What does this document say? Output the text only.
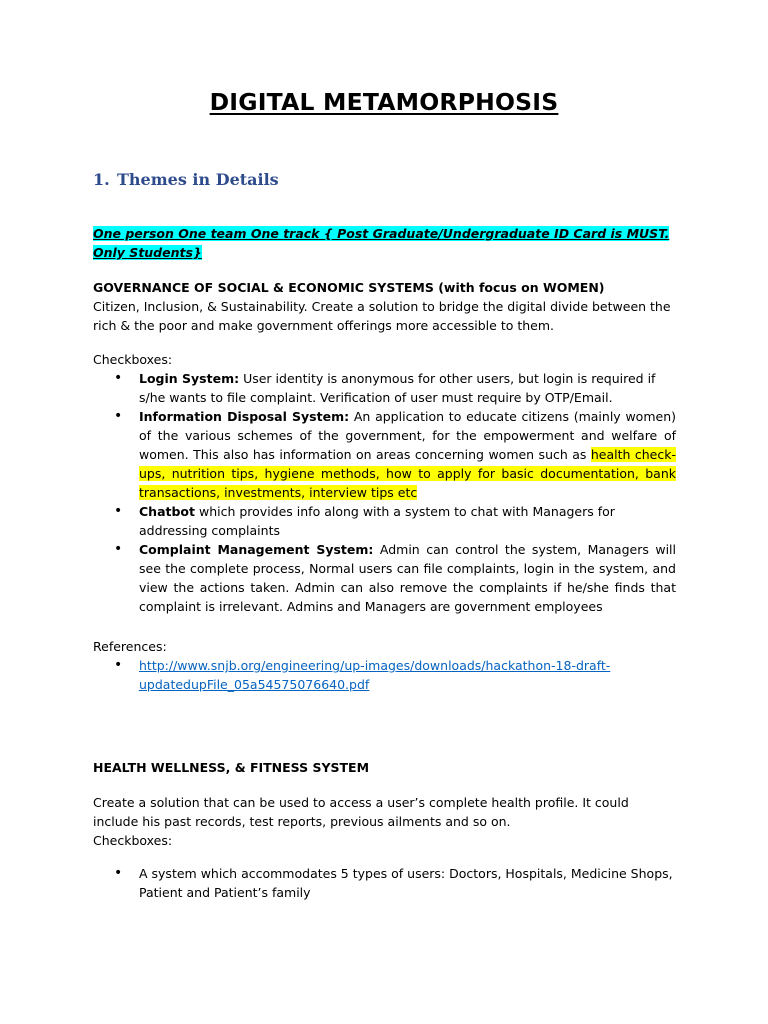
DIGITAL METAMORPHOSIS
1. Themes in Details
One person One team One track { Post Graduate/Undergraduate ID Card is MUST. Only Students}

GOVERNANCE OF SOCIAL & ECONOMIC SYSTEMS (with focus on WOMEN)

Citizen, Inclusion, & Sustainability. Create a solution to bridge the digital divide between the rich & the poor and make government offerings more accessible to them.

Checkboxes:
• Login System: User identity is anonymous for other users, but login is required if s/he wants to file complaint. Verification of user must require by OTP/Email.
• Information Disposal System: An application to educate citizens (mainly women) of the various schemes of the government, for the empowerment and welfare of women. This also has information on areas concerning women such as health check-ups, nutrition tips, hygiene methods, how to apply for basic documentation, bank transactions, investments, interview tips etc
• Chatbot which provides info along with a system to chat with Managers for addressing complaints
• Complaint Management System: Admin can control the system, Managers will see the complete process, Normal users can file complaints, login in the system, and view the actions taken. Admin can also remove the complaints if he/she finds that complaint is irrelevant. Admins and Managers are government employees
References:
• http://www.snjb.org/engineering/up-images/downloads/hackathon-18-draft-updatedupFile_05a54575076640.pdf
HEALTH WELLNESS, & FITNESS SYSTEM

Create a solution that can be used to access a user’s complete health profile. It could include his past records, test reports, previous ailments and so on.

Checkboxes:

• A system which accommodates 5 types of users: Doctors, Hospitals, Medicine Shops, Patient and Patient’s family
